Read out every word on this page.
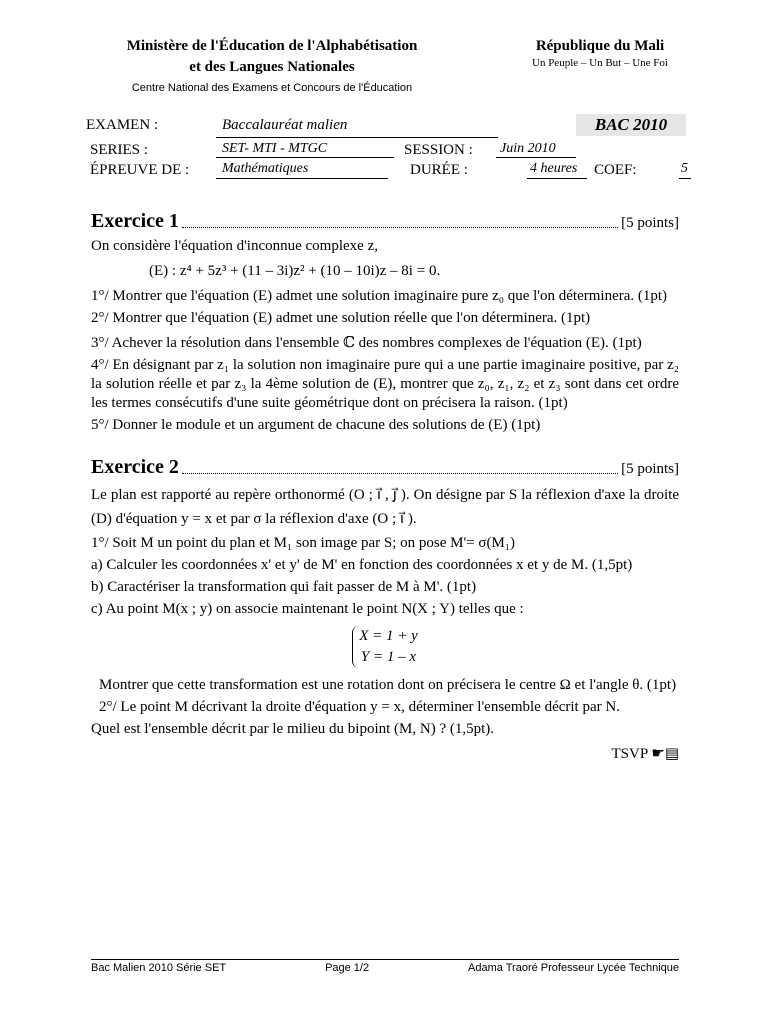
Ministère de l'Éducation de l'Alphabétisation
et des Langues Nationales
Centre National des Examens et Concours de l'Éducation
République du Mali
Un Peuple – Un But – Une Foi
EXAMEN :	Baccalauréat malien	BAC 2010
SERIES :	SET- MTI - MTGC	SESSION : Juin 2010
ÉPREUVE DE : Mathématiques	DURÉE :	4 heures COEF:	5
Exercice 1	[5 points]

On considère l'équation d'inconnue complexe z,

(E) : z⁴ + 5z³ + (11 – 3i)z² + (10 – 10i)z – 8i = 0.

1°/ Montrer que l'équation (E) admet une solution imaginaire pure z₀ que l'on déterminera. (1pt)

2°/ Montrer que l'équation (E) admet une solution réelle que l'on déterminera. (1pt)

3°/ Achever la résolution dans l'ensemble ℂ des nombres complexes de l'équation (E). (1pt)

4°/ En désignant par z₁ la solution non imaginaire pure qui a une partie imaginaire positive, par z₂ la solution réelle et par z₃ la 4ème solution de (E), montrer que z₀, z₁, z₂ et z₃ sont dans cet ordre les termes consécutifs d'une suite géométrique dont on précisera la raison. (1pt)

5°/ Donner le module et un argument de chacune des solutions de (E) (1pt)

Exercice 2	[5 points]

Le plan est rapporté au repère orthonormé (O ; i⃗ , j⃗ ). On désigne par S la réflexion d'axe la droite (D) d'équation y = x et par σ la réflexion d'axe (O ; i⃗ ).

1°/ Soit M un point du plan et M₁ son image par S; on pose M'= σ(M₁)

a) Calculer les coordonnées x' et y' de M' en fonction des coordonnées x et y de M. (1,5pt)

b) Caractériser la transformation qui fait passer de M à M'. (1pt)

c) Au point M(x ; y) on associe maintenant le point N(X ; Y) telles que :

X = 1 + y
Y = 1 – x

Montrer que cette transformation est une rotation dont on précisera le centre Ω et l'angle θ. (1pt)

2°/ Le point M décrivant la droite d'équation y = x, déterminer l'ensemble décrit par N.

Quel est l'ensemble décrit par le milieu du bipoint (M, N) ? (1,5pt).

TSVP ☛▤

Bac Malien 2010 Série SET	Page 1/2	Adama Traoré Professeur Lycée Technique
